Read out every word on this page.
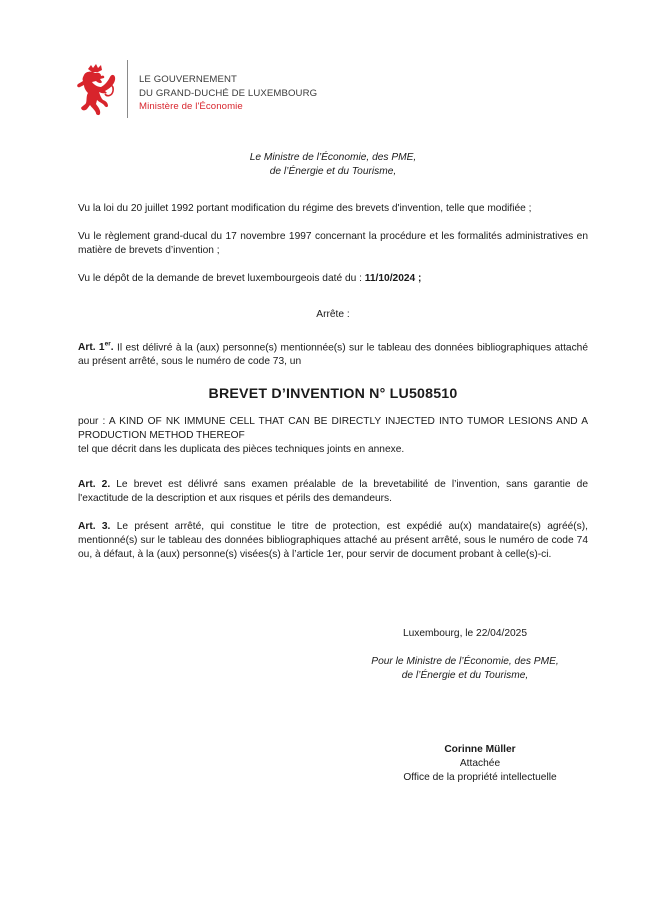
LE GOUVERNEMENT
DU GRAND-DUCHÉ DE LUXEMBOURG
Ministère de l'Économie
Le Ministre de l’Économie, des PME,
de l’Énergie et du Tourisme,
Vu la loi du 20 juillet 1992 portant modification du régime des brevets d'invention, telle que modifiée ;
Vu le règlement grand-ducal du 17 novembre 1997 concernant la procédure et les formalités administratives en matière de brevets d’invention ;
Vu le dépôt de la demande de brevet luxembourgeois daté du : 11/10/2024 ;
Arrête :
Art. 1er. Il est délivré à la (aux) personne(s) mentionnée(s) sur le tableau des données bibliographiques attaché au présent arrêté, sous le numéro de code 73, un
BREVET D’INVENTION N° LU508510
pour : A KIND OF NK IMMUNE CELL THAT CAN BE DIRECTLY INJECTED INTO TUMOR LESIONS AND A PRODUCTION METHOD THEREOF
tel que décrit dans les duplicata des pièces techniques joints en annexe.
Art. 2. Le brevet est délivré sans examen préalable de la brevetabilité de l’invention, sans garantie de l'exactitude de la description et aux risques et périls des demandeurs.
Art. 3. Le présent arrêté, qui constitue le titre de protection, est expédié au(x) mandataire(s) agréé(s), mentionné(s) sur le tableau des données bibliographiques attaché au présent arrêté, sous le numéro de code 74 ou, à défaut, à la (aux) personne(s) visées(s) à l’article 1er, pour servir de document probant à celle(s)-ci.
Luxembourg, le 22/04/2025
Pour le Ministre de l’Économie, des PME,
de l’Énergie et du Tourisme,
Corinne Müller
Attachée
Office de la propriété intellectuelle
